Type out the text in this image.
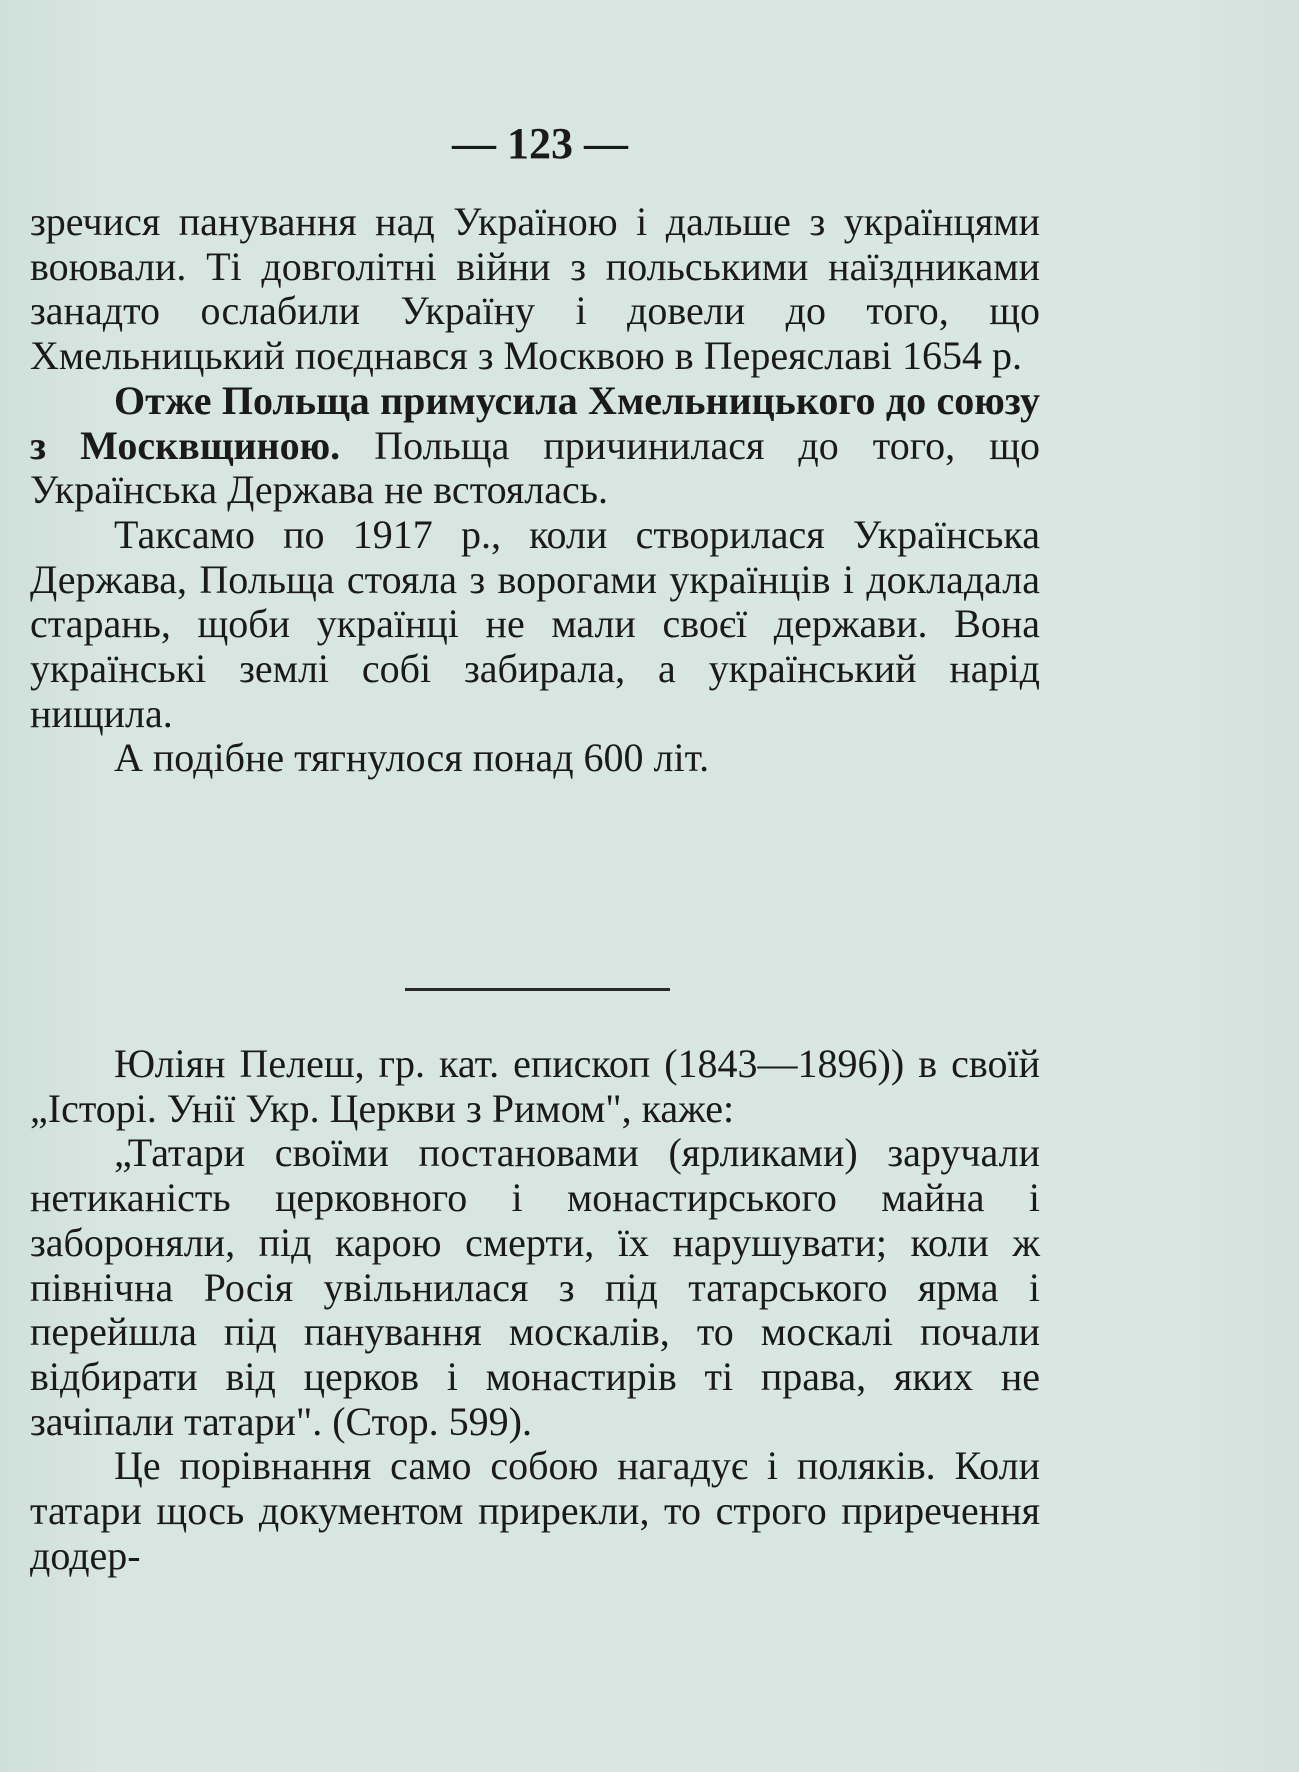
— 123 —

зречися панування над Україною і дальше з українцями воювали. Ті довголітні війни з польськими наїздниками занадто ослабили Україну і довели до того, що Хмельницький поєднався з Москвою в Переяславі 1654 р.

Отже Польща примусила Хмельницького до союзу з Москвщиною. Польща причинилася до того, що Українська Держава не встоялась.

Таксамо по 1917 р., коли створилася Українська Держава, Польща стояла з ворогами українців і докладала старань, щоби українці не мали своєї держави. Вона українські землі собі забирала, а український нарід нищила.

А подібне тягнулося понад 600 літ.

Юліян Пелеш, гр. кат. епископ (1843—1896)) в своїй „Історі. Унії Укр. Церкви з Римом", каже:

„Татари своїми постановами (ярликами) заручали нетиканість церковного і монастирського майна і забороняли, під карою смерти, їх нарушувати; коли ж північна Росія увільнилася з під татарського ярма і перейшла під панування москалів, то москалі почали відбирати від церков і монастирів ті права, яких не зачіпали татари". (Стор. 599).

Це порівнання само собою нагадує і поляків. Коли татари щось документом прирекли, то строго приречення додер-
